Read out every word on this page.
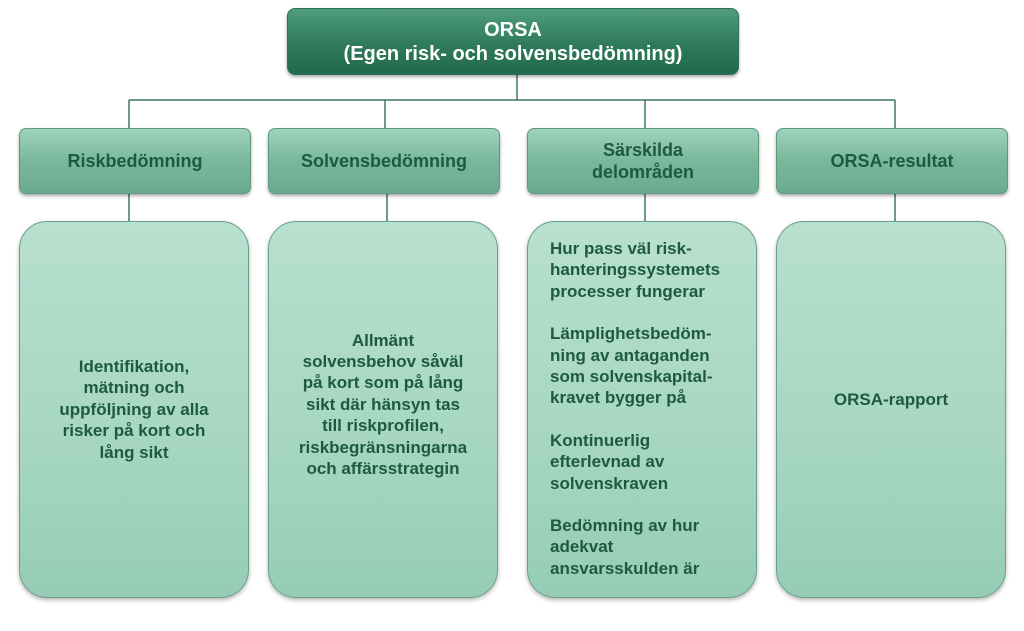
ORSA
(Egen risk- och solvensbedömning)
Riskbedömning	Solvensbedömning
Särskilda
delområden
ORSA-resultat
Identifikation,
mätning och
uppföljning av alla
risker på kort och
lång sikt
Allmänt
solvensbehov såväl
på kort som på lång
sikt där hänsyn tas
till riskprofilen,
riskbegränsningarna
och affärsstrategin

Hur pass väl risk-
hanteringssystemets
processer fungerar

Lämplighetsbedöm-
ning av antaganden
som solvenskapital-
kravet bygger på

Kontinuerlig
efterlevnad av
solvenskraven

Bedömning av hur
adekvat
ansvarsskulden är

ORSA-rapport
